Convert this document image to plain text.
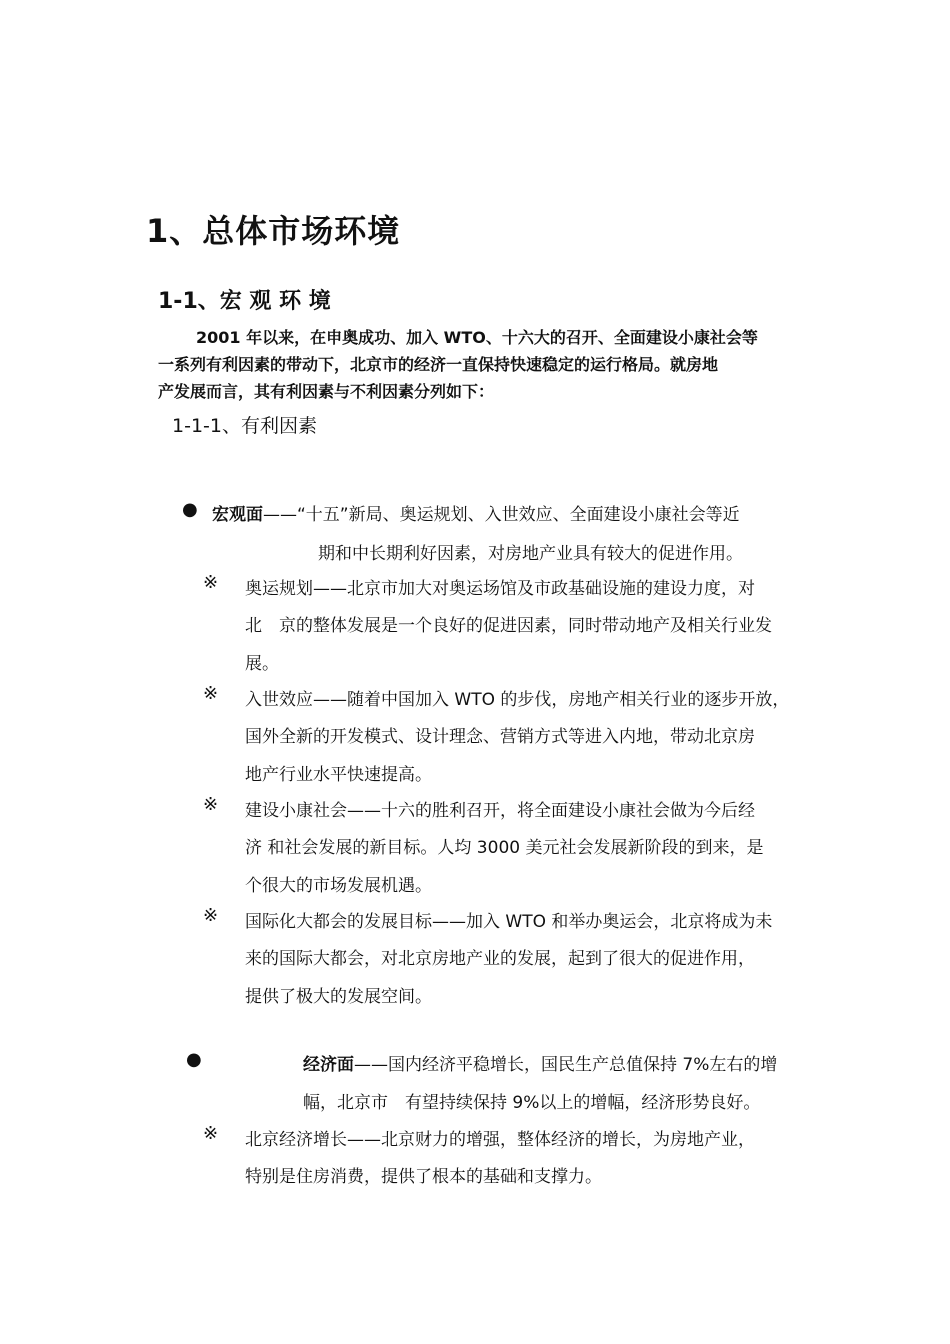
1、总体市场环境
1-1、宏 观 环 境
2001 年以来，在申奥成功、加入 WTO、十六大的召开、全面建设小康社会等
一系列有利因素的带动下，北京市的经济一直保持快速稳定的运行格局。就房地
产发展而言，其有利因素与不利因素分列如下：
1-1-1、有利因素
● 宏观面——“十五”新局、奥运规划、入世效应、全面建设小康社会等近
期和中长期利好因素，对房地产业具有较大的促进作用。
※ 奥运规划——北京市加大对奥运场馆及市政基础设施的建设力度，对
北　京的整体发展是一个良好的促进因素，同时带动地产及相关行业发
展。
※ 入世效应——随着中国加入 WTO 的步伐，房地产相关行业的逐步开放，
国外全新的开发模式、设计理念、营销方式等进入内地，带动北京房
地产行业水平快速提高。
※ 建设小康社会——十六的胜利召开，将全面建设小康社会做为今后经
济 和社会发展的新目标。人均 3000 美元社会发展新阶段的到来，是
个很大的市场发展机遇。
※ 国际化大都会的发展目标——加入 WTO 和举办奥运会，北京将成为未
来的国际大都会，对北京房地产业的发展，起到了很大的促进作用，
提供了极大的发展空间。
●	经济面——国内经济平稳增长，国民生产总值保持 7%左右的增
幅，北京市　有望持续保持 9%以上的增幅，经济形势良好。
※ 北京经济增长——北京财力的增强，整体经济的增长，为房地产业，
特别是住房消费，提供了根本的基础和支撑力。
